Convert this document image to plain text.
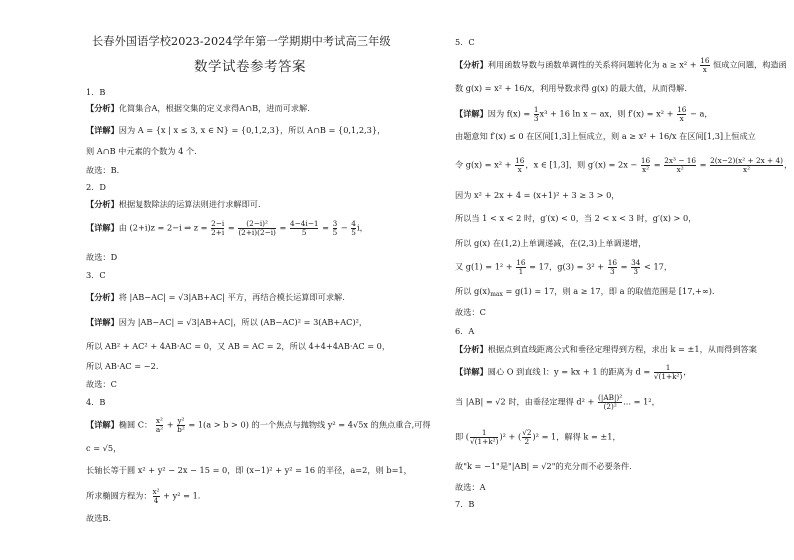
长春外国语学校2023-2024学年第一学期期中考试高三年级
数学试卷参考答案
1．B
【分析】化简集合A，根据交集的定义求得A∩B，进而可求解.
【详解】因为 A = {x | x ≤ 3, x ∈ N} = {0,1,2,3}，所以 A∩B = {0,1,2,3}，
则 A∩B 中元素的个数为 4 个.
故选：B.
2．D
【分析】根据复数除法的运算法则进行求解即可.
【详解】由 (2+i)z = 2−i ⇒ $z = \frac{2-i}{2+i} = \frac{\text{(2−i)²}}{(2+i)(2-i)} = \frac{4-4i-1}{5} = \frac{3}{5} - \frac{4}{5}$ i，
故选：D
3．C
【分析】将 |AB−AC| = √3|AB+AC| 平方，再结合模长运算即可求解.
【详解】因为 |AB−AC| = √3|AB+AC|，所以 (AB−AC)² = 3(AB+AC)²，
所以 AB² + AC² + 4AB·AC = 0，又 AB = AC = 2，所以 4+4+4AB·AC = 0，
所以 AB·AC = −2.
故选：C
4．B
【详解】椭圆 C： $\frac{\text{x²}}{\text{a²}} + \frac{\text{y²}}{\text{b²}} = 1(a > b > 0)$ 的一个焦点与抛物线 y² = 4√5x 的焦点重合,可得
c = √5，
长轴长等于圆 x² + y² − 2x − 15 = 0，即 (x−1)² + y² = 16 的半径，a=2，则 b=1，
所求椭圆方程为： $\frac{\text{x²}}{4} + y^2 = 1$.
故选B.
5．C
【分析】利用函数导数与函数单调性的关系将问题转化为 $a \ge x^2 + \frac{16}{x}$ 恒成立问题，构造函
数 g(x) = x² + 16/x，利用导数求得 g(x) 的最大值，从而得解.
【详解】因为 $f(x) = \frac{1}{3} x^3 + 16$ ln x − ax，则 $f'(x) = x^2 + \frac{16}{x} - a$，
由题意知 f′(x) ≤ 0 在区间[1,3]上恒成立，则 a ≥ x² + 16/x 在区间[1,3]上恒成立
令 $g(x) = x^2 + \frac{16}{x}$ ，x ∈ [1,3]，则 $g'(x) = 2x - \frac{16}{\text{x²}} = \frac{\text{2x³ − 16}}{\text{x²}} = \frac{\text{2(x−2)(x² + 2x + 4)}}{\text{x²}}$ ，
因为 x² + 2x + 4 = (x+1)² + 3 ≥ 3 > 0，
所以当 1 < x < 2 时，g′(x) < 0，当 2 < x < 3 时，g′(x) > 0，
所以 g(x) 在(1,2)上单调递减，在(2,3)上单调递增，
又 $g(1) = 1^2 + \frac{16}{1} = 17$，$g(3) = 3^2 + \frac{16}{3} = \frac{34}{3} < 17$，
所以 $g(x)_{max} = g(1) = 17$，则 a ≥ 17，即 a 的取值范围是 [17,+∞).
故选：C
6．A
【分析】根据点到直线距离公式和垂径定理得到方程，求出 k = ±1，从而得到答案
【详解】圆心 O 到直线 l：y = kx + 1 的距离为 $d = \frac{1}{\text{√(1+k²)}}$ ，
当 |AB| = √2 时，由垂径定理得 $d^2 + \frac{\text{(|AB|)²}}{\text{(2)²}}$ ... = 1²，
即 ( $\frac{1}{\text{√(1+k²)}} )^2$ + ( $\frac{√2}{2} )^2 = 1$，解得 k = ±1，
故"k = −1"是"|AB| = √2"的充分而不必要条件.
故选：A
7．B
